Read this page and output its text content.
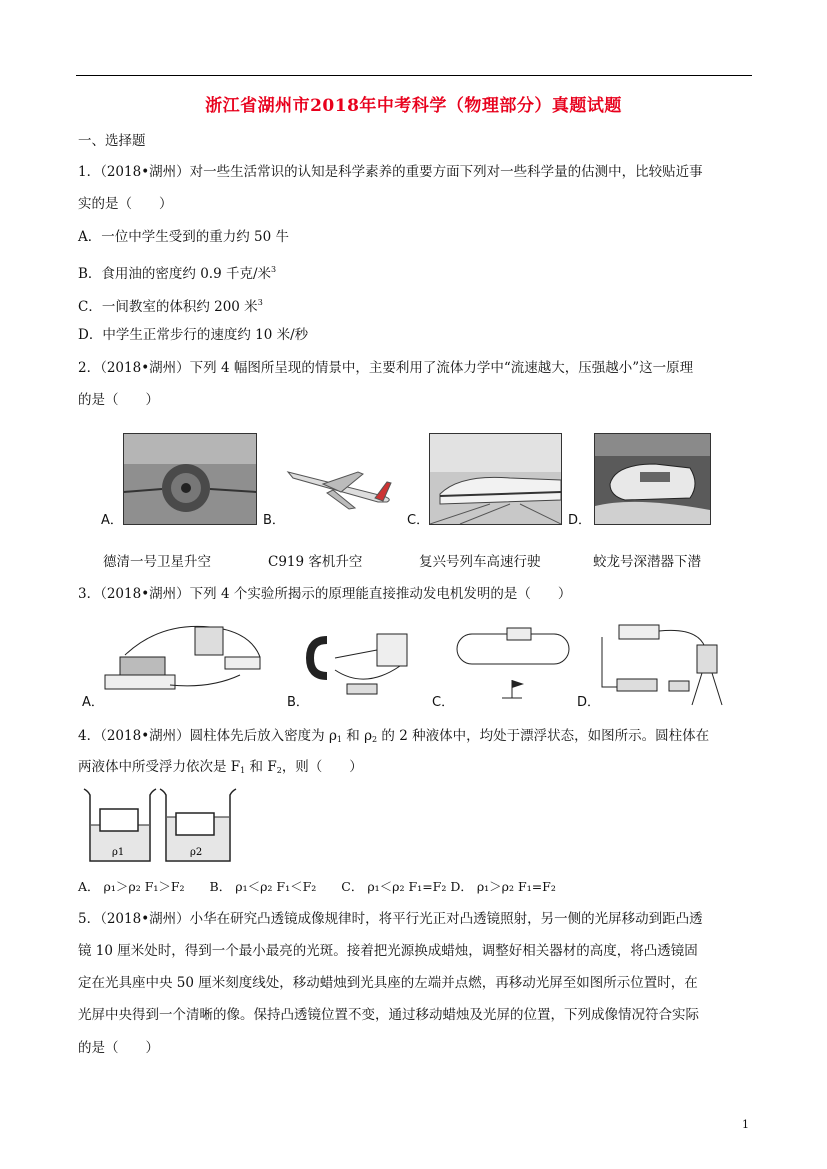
浙江省湖州市2018年中考科学（物理部分）真题试题
一、选择题
1．（2018•湖州）对一些生活常识的认知是科学素养的重要方面下列对一些科学量的估测中，比较贴近事
实的是（　　）
A．一位中学生受到的重力约 50 牛
B．食用油的密度约 0.9 千克/米$^3$
C．一间教室的体积约 200 米$^3$
D．中学生正常步行的速度约 10 米/秒
2．（2018•湖州）下列 4 幅图所呈现的情景中，主要利用了流体力学中“流速越大，压强越小”这一原理
的是（　　）
A．	B．	C．	D．
德清一号卫星升空	C919 客机升空	复兴号列车高速行驶	蛟龙号深潜器下潜
3．（2018•湖州）下列 4 个实验所揭示的原理能直接推动发电机发明的是（　　）
A．	B．	C．	D．
4．（2018•湖州）圆柱体先后放入密度为 $\rho_1$ 和 $\rho_2$ 的 2 种液体中，均处于漂浮状态，如图所示。圆柱体在
两液体中所受浮力依次是 $F_1$ 和 $F_2$，则（　　）
ρ1	ρ2
A． ρ₁＞ρ₂ F₁＞F₂　　B． ρ₁＜ρ₂ F₁＜F₂　　C． ρ₁＜ρ₂ F₁=F₂ D． ρ₁＞ρ₂ F₁=F₂
5．（2018•湖州）小华在研究凸透镜成像规律时，将平行光正对凸透镜照射，另一侧的光屏移动到距凸透
镜 10 厘米处时，得到一个最小最亮的光斑。接着把光源换成蜡烛，调整好相关器材的高度，将凸透镜固
定在光具座中央 50 厘米刻度线处，移动蜡烛到光具座的左端并点燃，再移动光屏至如图所示位置时，在
光屏中央得到一个清晰的像。保持凸透镜位置不变，通过移动蜡烛及光屏的位置，下列成像情况符合实际
的是（　　）
1
